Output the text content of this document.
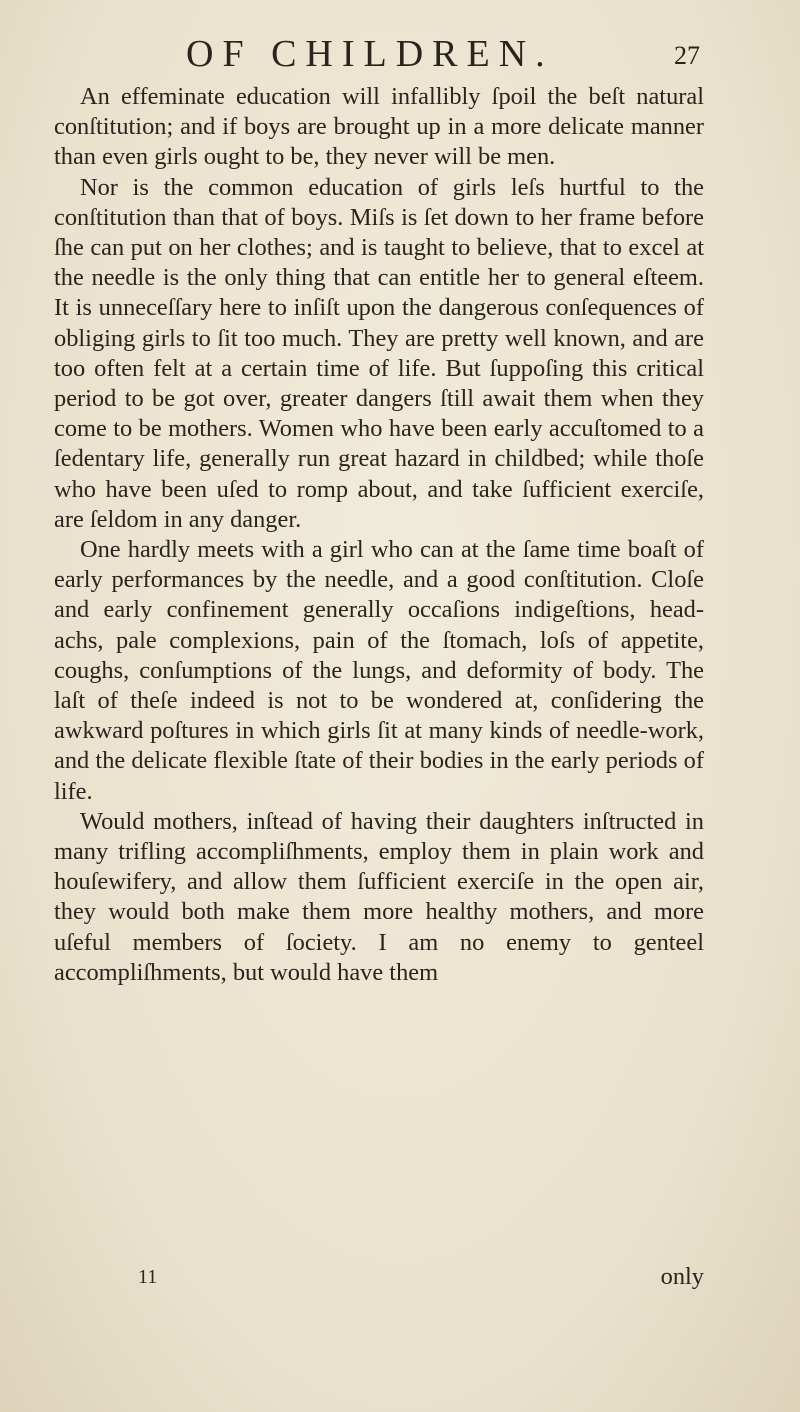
OF CHILDREN.	27

An effeminate education will infallibly ſpoil the beſt natural conſtitution; and if boys are brought up in a more delicate manner than even girls ought to be, they never will be men.

Nor is the common education of girls leſs hurtful to the conſtitution than that of boys. Miſs is ſet down to her frame before ſhe can put on her clothes; and is taught to believe, that to excel at the needle is the only thing that can entitle her to general eſteem. It is unneceſſary here to inſiſt upon the dangerous conſequences of obliging girls to ſit too much. They are pretty well known, and are too often felt at a certain time of life. But ſuppoſing this critical period to be got over, greater dangers ſtill await them when they come to be mothers. Women who have been early accuſtomed to a ſedentary life, generally run great hazard in childbed; while thoſe who have been uſed to romp about, and take ſufficient exerciſe, are ſeldom in any danger.

One hardly meets with a girl who can at the ſame time boaſt of early performances by the needle, and a good conſtitution. Cloſe and early confinement generally occaſions indigeſtions, head-achs, pale complexions, pain of the ſtomach, loſs of appetite, coughs, conſumptions of the lungs, and deformity of body. The laſt of theſe indeed is not to be wondered at, conſidering the awkward poſtures in which girls ſit at many kinds of needle-work, and the delicate flexible ſtate of their bodies in the early periods of life.

Would mothers, inſtead of having their daughters inſtructed in many trifling accompliſhments, employ them in plain work and houſewifery, and allow them ſufficient exerciſe in the open air, they would both make them more healthy mothers, and more uſeful members of ſociety. I am no enemy to genteel accompliſhments, but would have them

11	only
